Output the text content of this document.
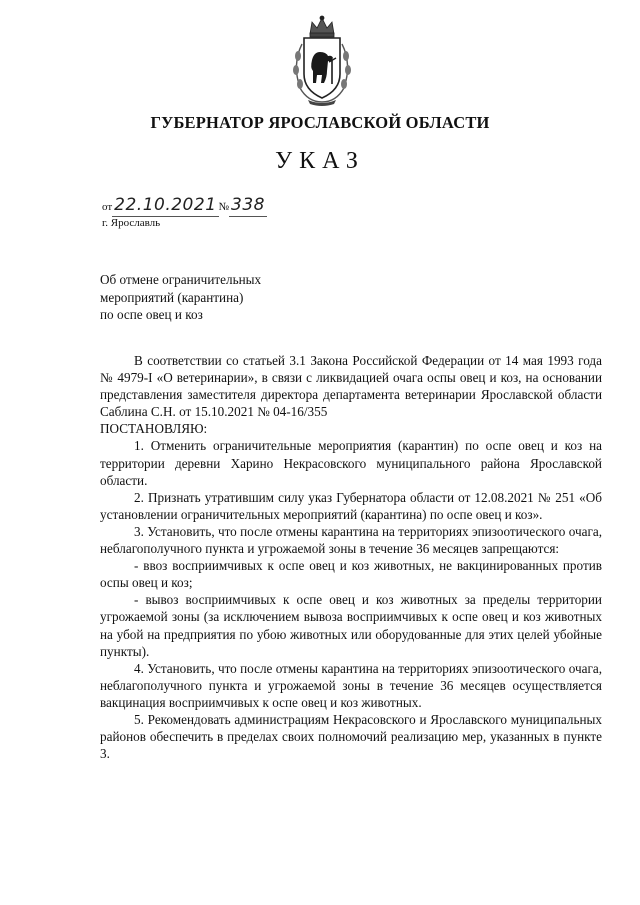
ГУБЕРНАТОР ЯРОСЛАВСКОЙ ОБЛАСТИ
УКАЗ
от 22.10.2021 № 338
г. Ярославль
Об отмене ограничительных
мероприятий (карантина)
по оспе овец и коз

В соответствии со статьей 3.1 Закона Российской Федерации от 14 мая 1993 года № 4979-I «О ветеринарии», в связи с ликвидацией очага оспы овец и коз, на основании представления заместителя директора департамента ветеринарии Ярославской области Саблина С.Н. от 15.10.2021 № 04-16/355

ПОСТАНОВЛЯЮ:

1. Отменить ограничительные мероприятия (карантин) по оспе овец и коз на территории деревни Харино Некрасовского муниципального района Ярославской области.

2. Признать утратившим силу указ Губернатора области от 12.08.2021 № 251 «Об установлении ограничительных мероприятий (карантина) по оспе овец и коз».

3. Установить, что после отмены карантина на территориях эпизоотического очага, неблагополучного пункта и угрожаемой зоны в течение 36 месяцев запрещаются:

- ввоз восприимчивых к оспе овец и коз животных, не вакцинированных против оспы овец и коз;

- вывоз восприимчивых к оспе овец и коз животных за пределы территории угрожаемой зоны (за исключением вывоза восприимчивых к оспе овец и коз животных на убой на предприятия по убою животных или оборудованные для этих целей убойные пункты).

4. Установить, что после отмены карантина на территориях эпизоотического очага, неблагополучного пункта и угрожаемой зоны в течение 36 месяцев осуществляется вакцинация восприимчивых к оспе овец и коз животных.

5. Рекомендовать администрациям Некрасовского и Ярославского муниципальных районов обеспечить в пределах своих полномочий реализацию мер, указанных в пункте 3.
